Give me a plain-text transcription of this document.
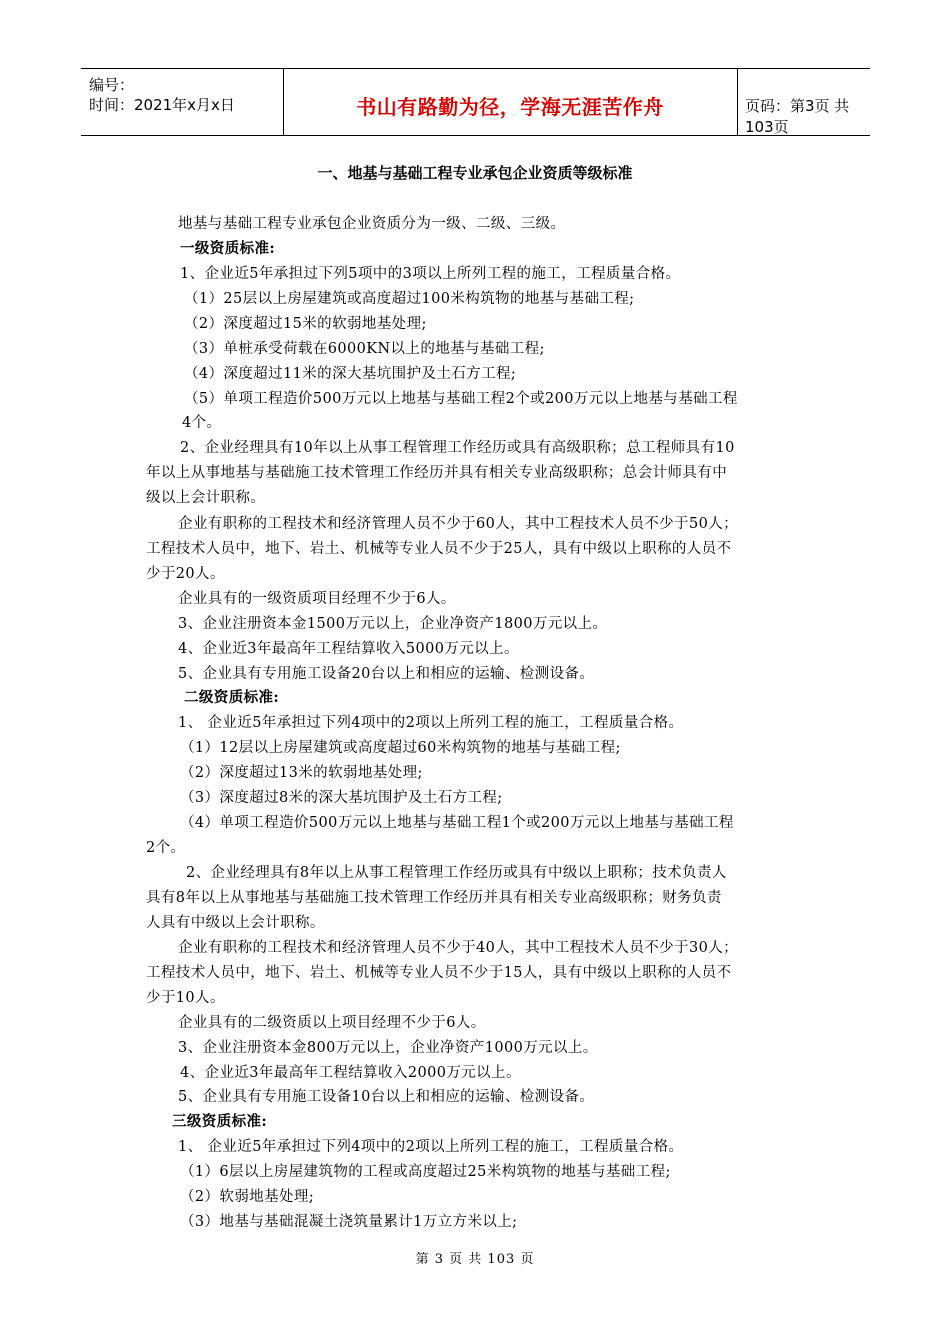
编号：
时间：2021年x月x日	书山有路勤为径，学海无涯苦作舟	页码：第3页 共103页
一、地基与基础工程专业承包企业资质等级标准
地基与基础工程专业承包企业资质分为一级、二级、三级。
一级资质标准:
1、企业近5年承担过下列5项中的3项以上所列工程的施工，工程质量合格。
（1）25层以上房屋建筑或高度超过100米构筑物的地基与基础工程;
（2）深度超过15米的软弱地基处理;
（3）单桩承受荷载在6000KN以上的地基与基础工程;
（4）深度超过11米的深大基坑围护及土石方工程;
（5）单项工程造价500万元以上地基与基础工程2个或200万元以上地基与基础工程
4个。
2、企业经理具有10年以上从事工程管理工作经历或具有高级职称；总工程师具有10
年以上从事地基与基础施工技术管理工作经历并具有相关专业高级职称；总会计师具有中
级以上会计职称。
企业有职称的工程技术和经济管理人员不少于60人，其中工程技术人员不少于50人；
工程技术人员中，地下、岩土、机械等专业人员不少于25人，具有中级以上职称的人员不
少于20人。
企业具有的一级资质项目经理不少于6人。
3、企业注册资本金1500万元以上，企业净资产1800万元以上。
4、企业近3年最高年工程结算收入5000万元以上。
5、企业具有专用施工设备20台以上和相应的运输、检测设备。
二级资质标准:
1、 企业近5年承担过下列4项中的2项以上所列工程的施工，工程质量合格。
（1）12层以上房屋建筑或高度超过60米构筑物的地基与基础工程;
（2）深度超过13米的软弱地基处理;
（3）深度超过8米的深大基坑围护及土石方工程;
（4）单项工程造价500万元以上地基与基础工程1个或200万元以上地基与基础工程
2个。
2、企业经理具有8年以上从事工程管理工作经历或具有中级以上职称；技术负责人
具有8年以上从事地基与基础施工技术管理工作经历并具有相关专业高级职称；财务负责
人具有中级以上会计职称。
企业有职称的工程技术和经济管理人员不少于40人，其中工程技术人员不少于30人；
工程技术人员中，地下、岩土、机械等专业人员不少于15人，具有中级以上职称的人员不
少于10人。
企业具有的二级资质以上项目经理不少于6人。
3、企业注册资本金800万元以上，企业净资产1000万元以上。
4、企业近3年最高年工程结算收入2000万元以上。
5、企业具有专用施工设备10台以上和相应的运输、检测设备。
三级资质标准:
1、 企业近5年承担过下列4项中的2项以上所列工程的施工，工程质量合格。
（1）6层以上房屋建筑物的工程或高度超过25米构筑物的地基与基础工程;
（2）软弱地基处理;
（3）地基与基础混凝土浇筑量累计1万立方米以上;
第 3 页 共 103 页
